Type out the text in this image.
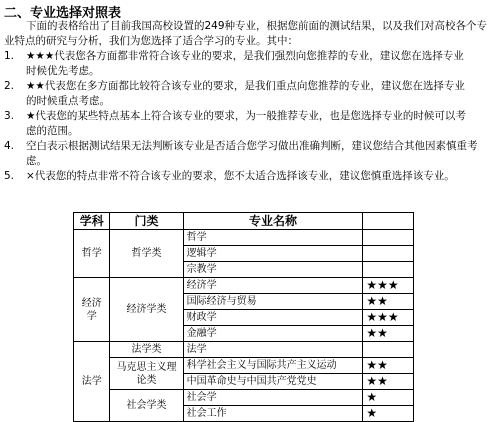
二、专业选择对照表
下面的表格给出了目前我国高校设置的249种专业，根据您前面的测试结果，以及我们对高校各个专
业特点的研究与分析，我们为您选择了适合学习的专业。其中：
1. ★★★代表您各方面都非常符合该专业的要求，是我们强烈向您推荐的专业，建议您在选择专业
时候优先考虑。
2. ★★代表您在多方面都比较符合该专业的要求，是我们重点向您推荐的专业，建议您在选择专业
的时候重点考虑。
3. ★代表您的某些特点基本上符合该专业的要求，为一般推荐专业，也是您选择专业的时候可以考
虑的范围。
4. 空白表示根据测试结果无法判断该专业是否适合您学习做出准确判断，建议您结合其他因素慎重考
虑。
5. ×代表您的特点非常不符合该专业的要求，您不太适合选择该专业，建议您慎重选择该专业。
学科	门类	专业名称	
哲学	哲学类	哲学	
		逻辑学	
		宗教学	
经济学	经济学类	经济学	★★★
		国际经济与贸易	★★
		财政学	★★★
		金融学	★★
法学	法学类	法学	
	马克思主义理论类	科学社会主义与国际共产主义运动	★★
		中国革命史与中国共产党党史	★★
	社会学类	社会学	★
		社会工作	★
